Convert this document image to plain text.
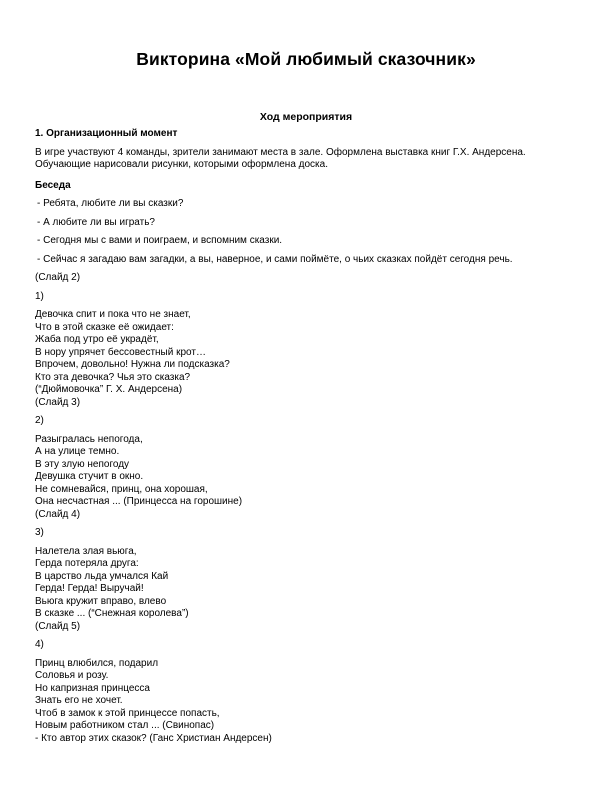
Викторина «Мой любимый сказочник»
Ход мероприятия

1. Организационный момент

В игре участвуют 4 команды, зрители занимают места в зале. Оформлена выставка книг Г.Х. Андерсена.

Обучающие нарисовали рисунки, которыми оформлена доска.

Беседа

- Ребята, любите ли вы сказки?

- А любите ли вы играть?

- Сегодня мы с вами и поиграем, и вспомним сказки.

- Сейчас я загадаю вам загадки, а вы, наверное, и сами поймёте, о чьих сказках пойдёт сегодня речь.

(Слайд 2)

1)

Девочка спит и пока что не знает,

Что в этой сказке её ожидает:

Жаба под утро её украдёт,

В нору упрячет бессовестный крот…

Впрочем, довольно! Нужна ли подсказка?

Кто эта девочка? Чья это сказка?

(“Дюймовочка” Г. Х. Андерсена)

(Слайд 3)

2)

Разыгралась непогода,

А на улице темно.

В эту злую непогоду

Девушка стучит в окно.

Не сомневайся, принц, она хорошая,

Она несчастная ... (Принцесса на горошине)

(Слайд 4)

3)

Налетела злая вьюга,

Герда потеряла друга:

В царство льда умчался Кай

Герда! Герда! Выручай!

Вьюга кружит вправо, влево

В сказке ... (“Снежная королева”)

(Слайд 5)

4)

Принц влюбился, подарил

Соловья и розу.

Но капризная принцесса

Знать его не хочет.

Чтоб в замок к этой принцессе попасть,

Новым работником стал ... (Свинопас)

- Кто автор этих сказок? (Ганс Христиан Андерсен)
